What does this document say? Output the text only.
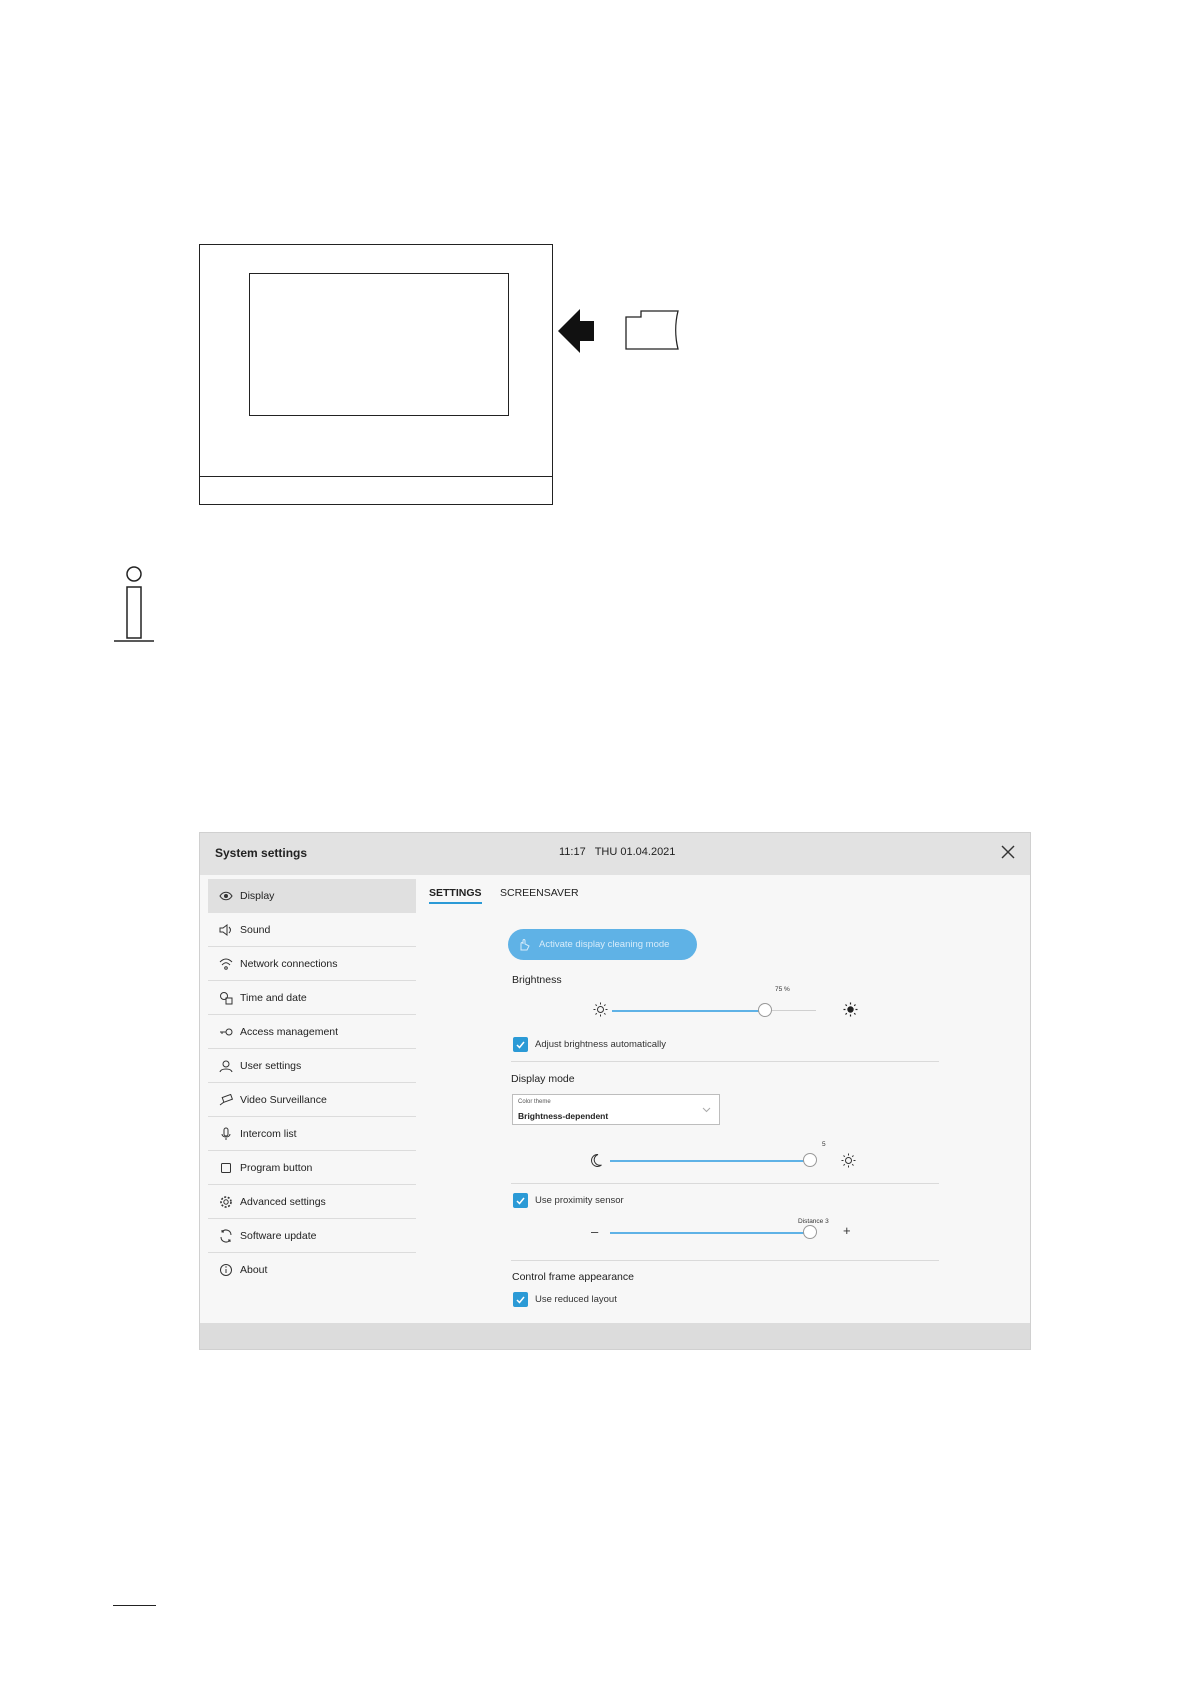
System settings	11:17 THU 01.04.2021
Display
Sound
Network connections
Time and date
Access management
User settings
Video Surveillance
Intercom list
Program button
Advanced settings
Software update
About
SETTINGS SCREENSAVER
Activate display cleaning mode
Brightness
75 %
Adjust brightness automatically
Display mode
Color theme
Brightness-dependent
5
Use proximity sensor
Distance 3
–	+
Control frame appearance
Use reduced layout
